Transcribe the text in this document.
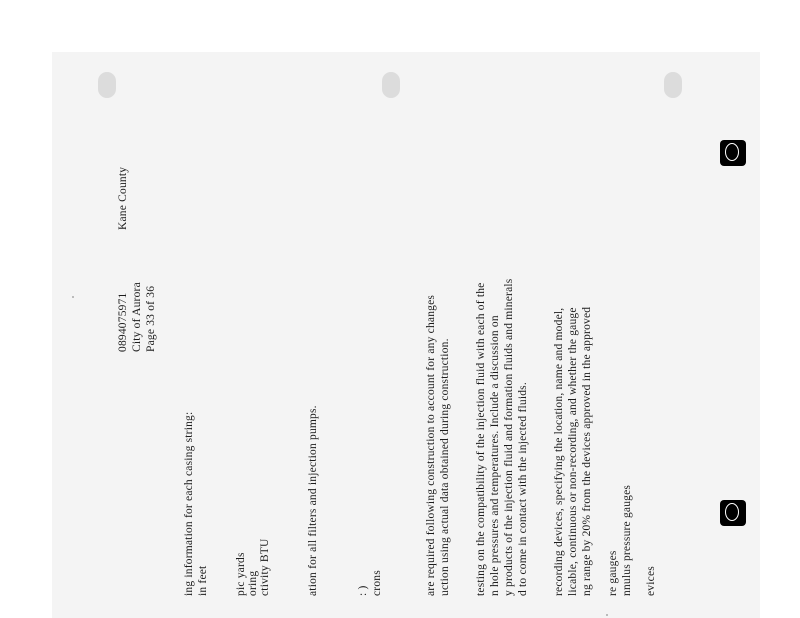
0894075971
Kane County
City of Aurora Page 33 of 36
ing information for each casing string: in feet pic yards oring ctivity BTU	ation for all filters and injection pumps.	: ) crons	are required following construction to account for any changes uction using actual data obtained during construction. testing on the compatibility of the injection fluid with each of the n hole pressures and temperatures. Include a discussion on y products of the injection fluid and formation fluids and minerals d to come in contact with the injected fluids. recording devices, specifying the location, name and model, licable, continuous or non-recording, and whether the gauge ng range by 20% from the devices approved in the approved re gauges nnulus pressure gauges evices
